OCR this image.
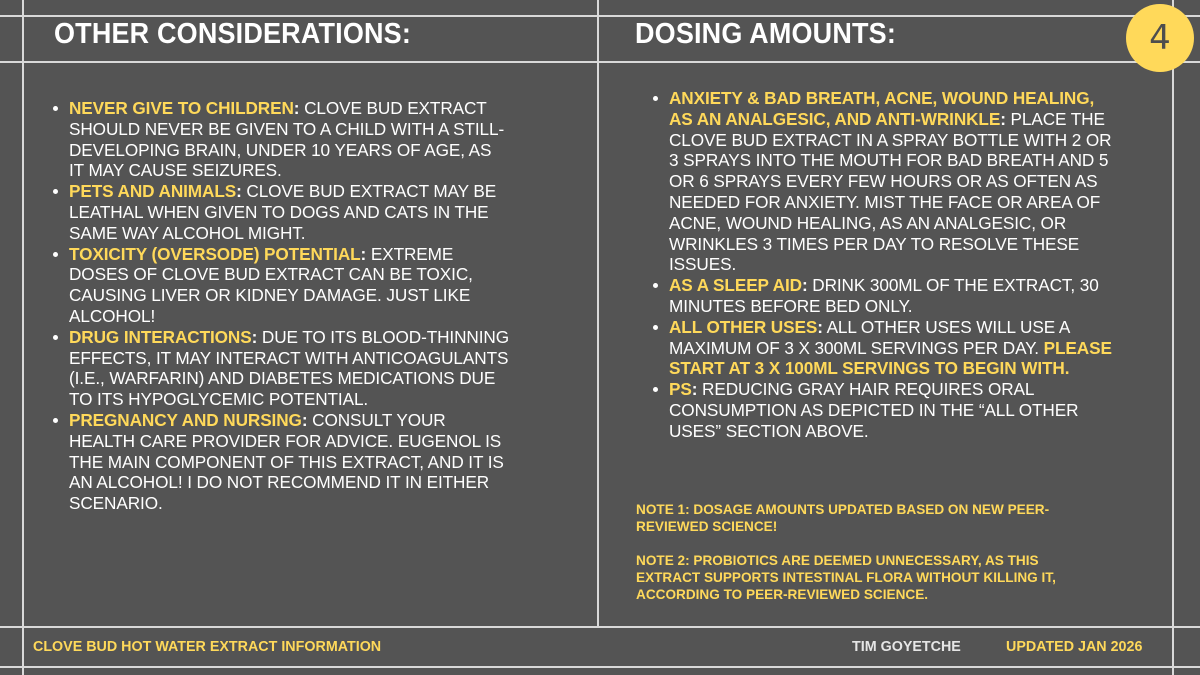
OTHER CONSIDERATIONS:	DOSING AMOUNTS:	4
NEVER GIVE TO CHILDREN: CLOVE BUD EXTRACT SHOULD NEVER BE GIVEN TO A CHILD WITH A STILL-DEVELOPING BRAIN, UNDER 10 YEARS OF AGE, AS IT MAY CAUSE SEIZURES.
PETS AND ANIMALS: CLOVE BUD EXTRACT MAY BE LEATHAL WHEN GIVEN TO DOGS AND CATS IN THE SAME WAY ALCOHOL MIGHT.
TOXICITY (OVERSODE) POTENTIAL: EXTREME DOSES OF CLOVE BUD EXTRACT CAN BE TOXIC, CAUSING LIVER OR KIDNEY DAMAGE. JUST LIKE ALCOHOL!
DRUG INTERACTIONS: DUE TO ITS BLOOD-THINNING EFFECTS, IT MAY INTERACT WITH ANTICOAGULANTS (I.E., WARFARIN) AND DIABETES MEDICATIONS DUE TO ITS HYPOGLYCEMIC POTENTIAL.
PREGNANCY AND NURSING: CONSULT YOUR HEALTH CARE PROVIDER FOR ADVICE. EUGENOL IS THE MAIN COMPONENT OF THIS EXTRACT, AND IT IS AN ALCOHOL! I DO NOT RECOMMEND IT IN EITHER SCENARIO.
ANXIETY & BAD BREATH, ACNE, WOUND HEALING, AS AN ANALGESIC, AND ANTI-WRINKLE: PLACE THE CLOVE BUD EXTRACT IN A SPRAY BOTTLE WITH 2 OR 3 SPRAYS INTO THE MOUTH FOR BAD BREATH AND 5 OR 6 SPRAYS EVERY FEW HOURS OR AS OFTEN AS NEEDED FOR ANXIETY. MIST THE FACE OR AREA OF ACNE, WOUND HEALING, AS AN ANALGESIC, OR WRINKLES 3 TIMES PER DAY TO RESOLVE THESE ISSUES.
AS A SLEEP AID: DRINK 300ML OF THE EXTRACT, 30 MINUTES BEFORE BED ONLY.
ALL OTHER USES: ALL OTHER USES WILL USE A MAXIMUM OF 3 X 300ML SERVINGS PER DAY. PLEASE START AT 3 X 100ML SERVINGS TO BEGIN WITH.
PS: REDUCING GRAY HAIR REQUIRES ORAL CONSUMPTION AS DEPICTED IN THE “ALL OTHER USES” SECTION ABOVE.
NOTE 1: DOSAGE AMOUNTS UPDATED BASED ON NEW PEER-REVIEWED SCIENCE!
NOTE 2: PROBIOTICS ARE DEEMED UNNECESSARY, AS THIS EXTRACT SUPPORTS INTESTINAL FLORA WITHOUT KILLING IT, ACCORDING TO PEER-REVIEWED SCIENCE.
CLOVE BUD HOT WATER EXTRACT INFORMATION	TIM GOYETCHE	UPDATED JAN 2026
